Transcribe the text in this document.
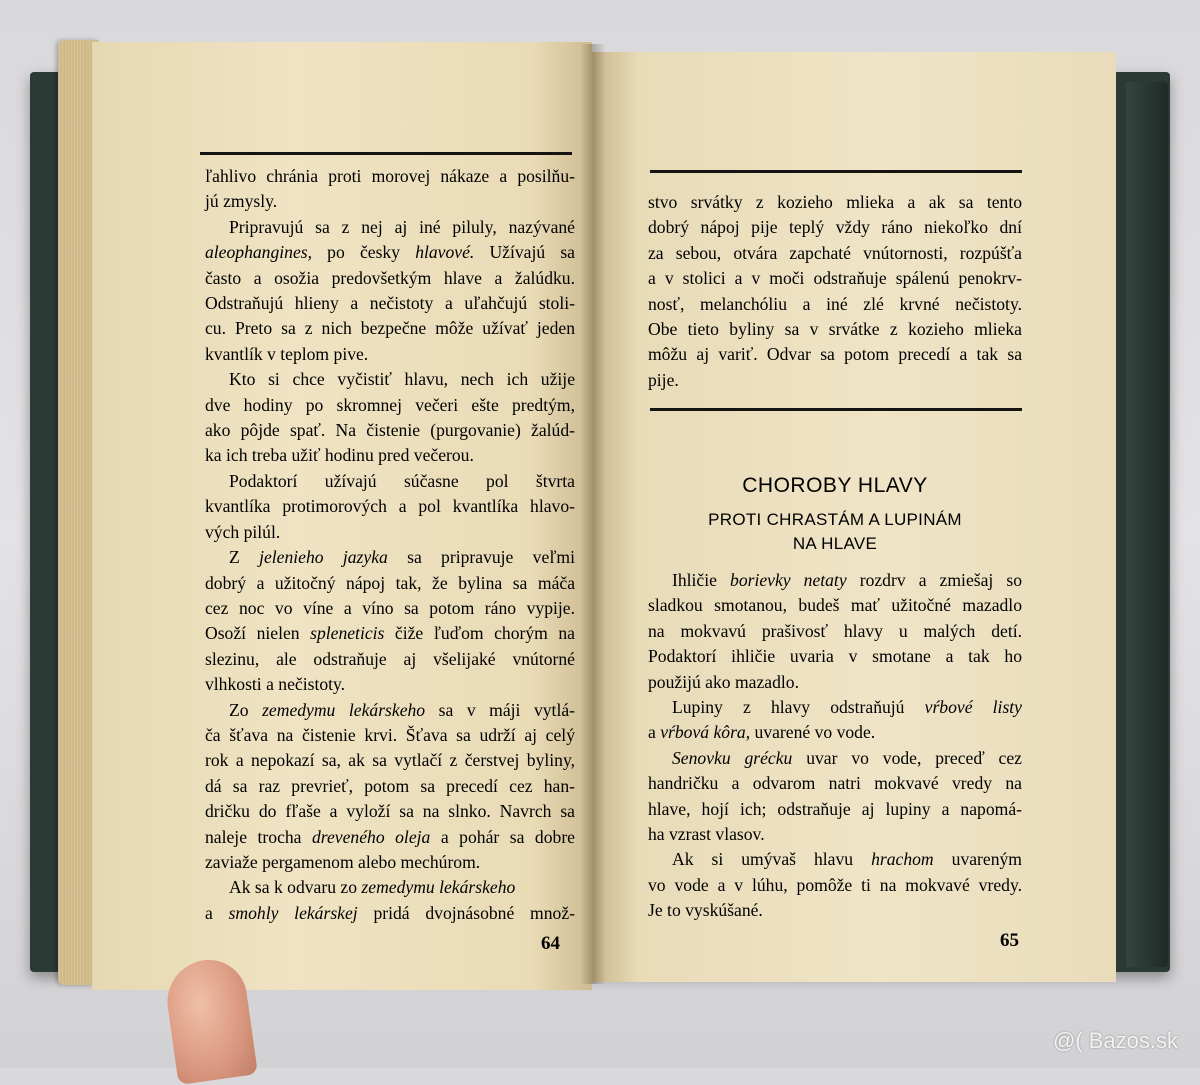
ľahlivo chránia proti morovej nákaze a posilňu-
jú zmysly.
Pripravujú sa z nej aj iné piluly, nazývané
aleophangines, po česky hlavové. Užívajú sa
často a osožia predovšetkým hlave a žalúdku.
Odstraňujú hlieny a nečistoty a uľahčujú stoli-
cu. Preto sa z nich bezpečne môže užívať jeden
kvantlík v teplom pive.
Kto si chce vyčistiť hlavu, nech ich užije
dve hodiny po skromnej večeri ešte predtým,
ako pôjde spať. Na čistenie (purgovanie) žalúd-
ka ich treba užiť hodinu pred večerou.
Podaktorí užívajú súčasne pol štvrta
kvantlíka protimorových a pol kvantlíka hlavo-
vých pilúl.
Z jelenieho jazyka sa pripravuje veľmi
dobrý a užitočný nápoj tak, že bylina sa máča
cez noc vo víne a víno sa potom ráno vypije.
Osoží nielen spleneticis čiže ľuďom chorým na
slezinu, ale odstraňuje aj všelijaké vnútorné
vlhkosti a nečistoty.
Zo zemedymu lekárskeho sa v máji vytlá-
ča šťava na čistenie krvi. Šťava sa udrží aj celý
rok a nepokazí sa, ak sa vytlačí z čerstvej byliny,
dá sa raz prevrieť, potom sa precedí cez han-
dričku do fľaše a vyloží sa na slnko. Navrch sa
naleje trocha dreveného oleja a pohár sa dobre
zaviaže pergamenom alebo mechúrom.
Ak sa k odvaru zo zemedymu lekárskeho
a smohly lekárskej pridá dvojnásobné množ-
64
stvo srvátky z kozieho mlieka a ak sa tento
dobrý nápoj pije teplý vždy ráno niekoľko dní
za sebou, otvára zapchaté vnútornosti, rozpúšťa
a v stolici a v moči odstraňuje spálenú penokrv-
nosť, melanchóliu a iné zlé krvné nečistoty.
Obe tieto byliny sa v srvátke z kozieho mlieka
môžu aj variť. Odvar sa potom precedí a tak sa
pije.
CHOROBY HLAVY
PROTI CHRASTÁM A LUPINÁM
NA HLAVE
Ihličie borievky netaty rozdrv a zmiešaj so
sladkou smotanou, budeš mať užitočné mazadlo
na mokvavú prašivosť hlavy u malých detí.
Podaktorí ihličie uvaria v smotane a tak ho
použijú ako mazadlo.
Lupiny z hlavy odstraňujú vŕbové listy
a vŕbová kôra, uvarené vo vode.
Senovku grécku uvar vo vode, preceď cez
handričku a odvarom natri mokvavé vredy na
hlave, hojí ich; odstraňuje aj lupiny a napomá-
ha vzrast vlasov.
Ak si umývaš hlavu hrachom uvareným
vo vode a v lúhu, pomôže ti na mokvavé vredy.
Je to vyskúšané.
65
@( Bazos.sk
